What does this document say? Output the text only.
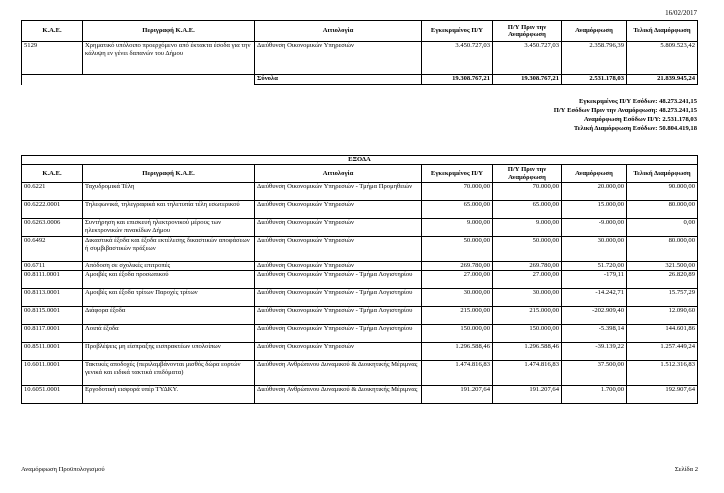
16/02/2017
Κ.Α.Ε.	Περιγραφή Κ.Α.Ε.	Αιτιολογία	Εγκεκριμένος Π/Υ	Π/Υ Πριν την Αναμόρφωση	Αναμόρφωση	Τελική Διαμόρφωση
5129	Χρηματικό υπόλοιπο προερχόμενο από έκτακτα έσοδα για την κάλυψη εν γένει δαπανών του Δήμου	Διεύθυνση Οικονομικών Υπηρεσιών	3.450.727,03	3.450.727,03	2.358.796,39	5.809.523,42
		Σύνολα	19.308.767,21	19.308.767,21	2.531.178,03	21.839.945,24
Εγκεκριμένος Π/Υ Εσόδων: 48.273.241,15
Π/Υ Εσόδων Πριν την Αναμόρφωση: 48.273.241,15
Αναμόρφωση Εσόδων Π/Υ: 2.531.178,03
Τελική Διαμόρφωση Εσόδων: 50.804.419,18
ΕΞΟΔΑ						
Κ.Α.Ε.	Περιγραφή Κ.Α.Ε.	Αιτιολογία	Εγκεκριμένος Π/Υ	Π/Υ Πριν την Αναμόρφωση	Αναμόρφωση	Τελική Διαμόρφωση
00.6221	Ταχυδρομικά Τέλη	Διεύθυνση Οικονομικών Υπηρεσιών - Τμήμα Προμηθειών	70.000,00	70.000,00	20.000,00	90.000,00
00.6222.0001	Τηλεφωνικά, τηλεγραφικά και τηλετυπία τέλη εσωτερικού	Διεύθυνση Οικονομικών Υπηρεσιών	65.000,00	65.000,00	15.000,00	80.000,00
00.6263.0006	Συντήρηση και επισκευή ηλεκτρονικού μέρους των ηλεκτρονικών πινακίδων Δήμου	Διεύθυνση Οικονομικών Υπηρεσιών	9.000,00	9.000,00	-9.000,00	0,00
00.6492	Δικαστικά έξοδα και έξοδα εκτέλεσης δικαστικών αποφάσεων ή συμβιβαστικών πράξεων	Διεύθυνση Οικονομικών Υπηρεσιών	50.000,00	50.000,00	30.000,00	80.000,00
00.6711	Απόδοση σε σχολικές επιτροπές	Διεύθυνση Οικονομικών Υπηρεσιών	269.780,00	269.780,00	51.720,00	321.500,00
00.8111.0001	Αμοιβές και έξοδα προσωπικού	Διεύθυνση Οικονομικών Υπηρεσιών - Τμήμα Λογιστηρίου	27.000,00	27.000,00	-179,11	26.820,89
00.8113.0001	Αμοιβές και έξοδα τρίτων Παροχές τρίτων	Διεύθυνση Οικονομικών Υπηρεσιών - Τμήμα Λογιστηρίου	30.000,00	30.000,00	-14.242,71	15.757,29
00.8115.0001	Διάφορα έξοδα	Διεύθυνση Οικονομικών Υπηρεσιών - Τμήμα Λογιστηρίου	215.000,00	215.000,00	-202.909,40	12.090,60
00.8117.0001	Λοιπά έξοδα	Διεύθυνση Οικονομικών Υπηρεσιών - Τμήμα Λογιστηρίου	150.000,00	150.000,00	-5.398,14	144.601,86
00.8511.0001	Προβλέψεις μη είσπραξης εισπρακτέων υπολοίπων	Διεύθυνση Οικονομικών Υπηρεσιών	1.296.588,46	1.296.588,46	-39.139,22	1.257.449,24
10.6011.0001	Τακτικές αποδοχές (περιλαμβάνονται μισθός δώρα εορτών γενικά και ειδικά τακτικά επιδόματα)	Διεύθυνση Ανθρώπινου Δυναμικού & Διοικητικής Μέριμνας	1.474.816,83	1.474.816,83	37.500,00	1.512.316,83
10.6051.0001	Εργοδοτική εισφορά υπέρ ΤΥΔΚΥ.	Διεύθυνση Ανθρώπινου Δυναμικού & Διοικητικής Μέριμνας	191.207,64	191.207,64	1.700,00	192.907,64
Αναμόρφωση Προϋπολογισμού	Σελίδα 2
